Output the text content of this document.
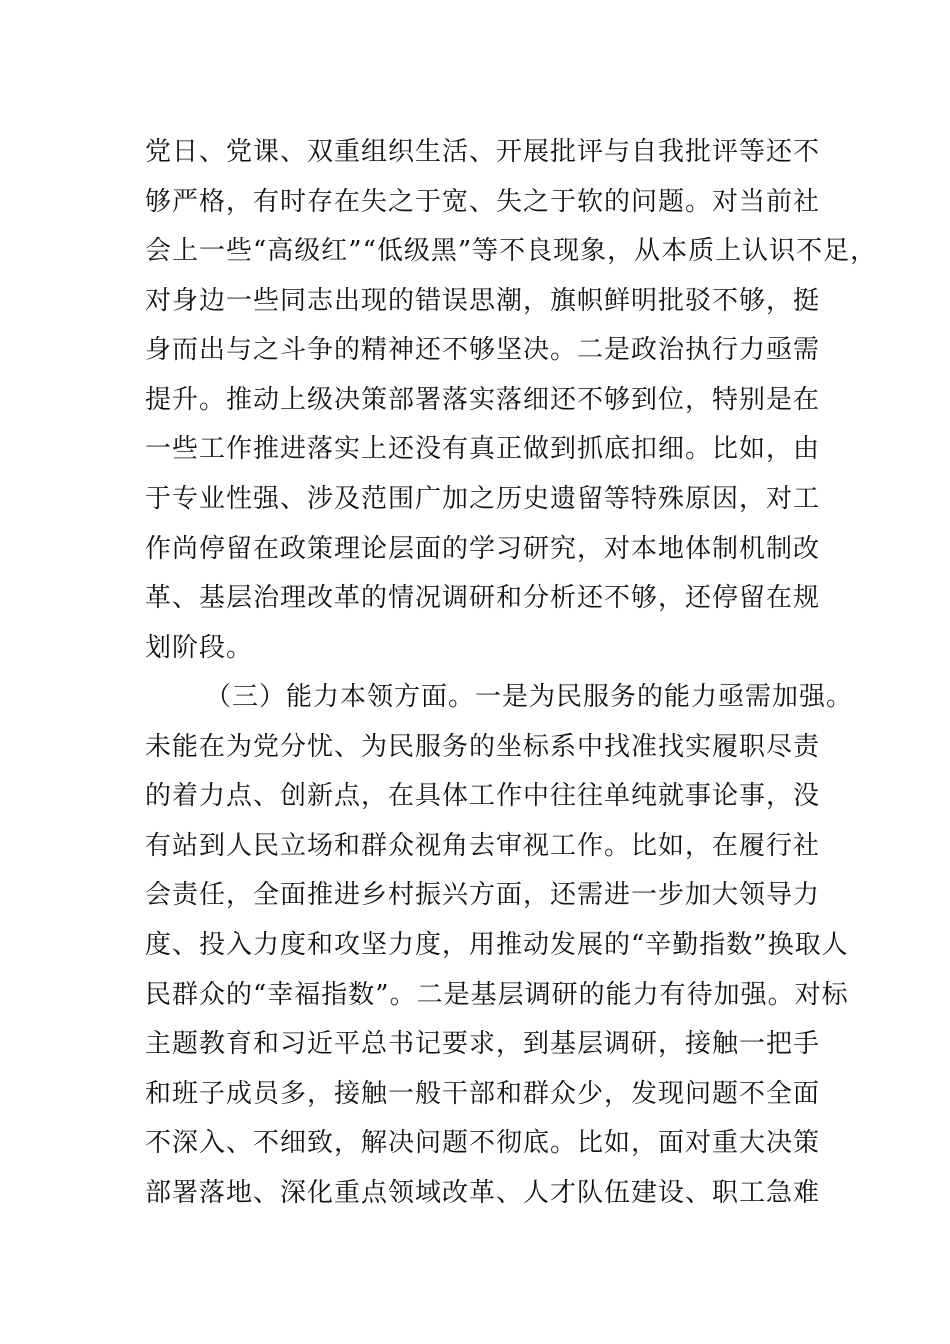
党日、党课、双重组织生活、开展批评与自我批评等还不
够严格，有时存在失之于宽、失之于软的问题。对当前社
会上一些“高级红”“低级黑”等不良现象，从本质上认识不足，
对身边一些同志出现的错误思潮，旗帜鲜明批驳不够，挺
身而出与之斗争的精神还不够坚决。二是政治执行力亟需
提升。推动上级决策部署落实落细还不够到位，特别是在
一些工作推进落实上还没有真正做到抓底扣细。比如，由
于专业性强、涉及范围广加之历史遗留等特殊原因，对工
作尚停留在政策理论层面的学习研究，对本地体制机制改
革、基层治理改革的情况调研和分析还不够，还停留在规
划阶段。
（三）能力本领方面。一是为民服务的能力亟需加强。
未能在为党分忧、为民服务的坐标系中找准找实履职尽责
的着力点、创新点，在具体工作中往往单纯就事论事，没
有站到人民立场和群众视角去审视工作。比如，在履行社
会责任，全面推进乡村振兴方面，还需进一步加大领导力
度、投入力度和攻坚力度，用推动发展的“辛勤指数”换取人
民群众的“幸福指数”。二是基层调研的能力有待加强。对标
主题教育和习近平总书记要求，到基层调研，接触一把手
和班子成员多，接触一般干部和群众少，发现问题不全面
不深入、不细致，解决问题不彻底。比如，面对重大决策
部署落地、深化重点领域改革、人才队伍建设、职工急难
